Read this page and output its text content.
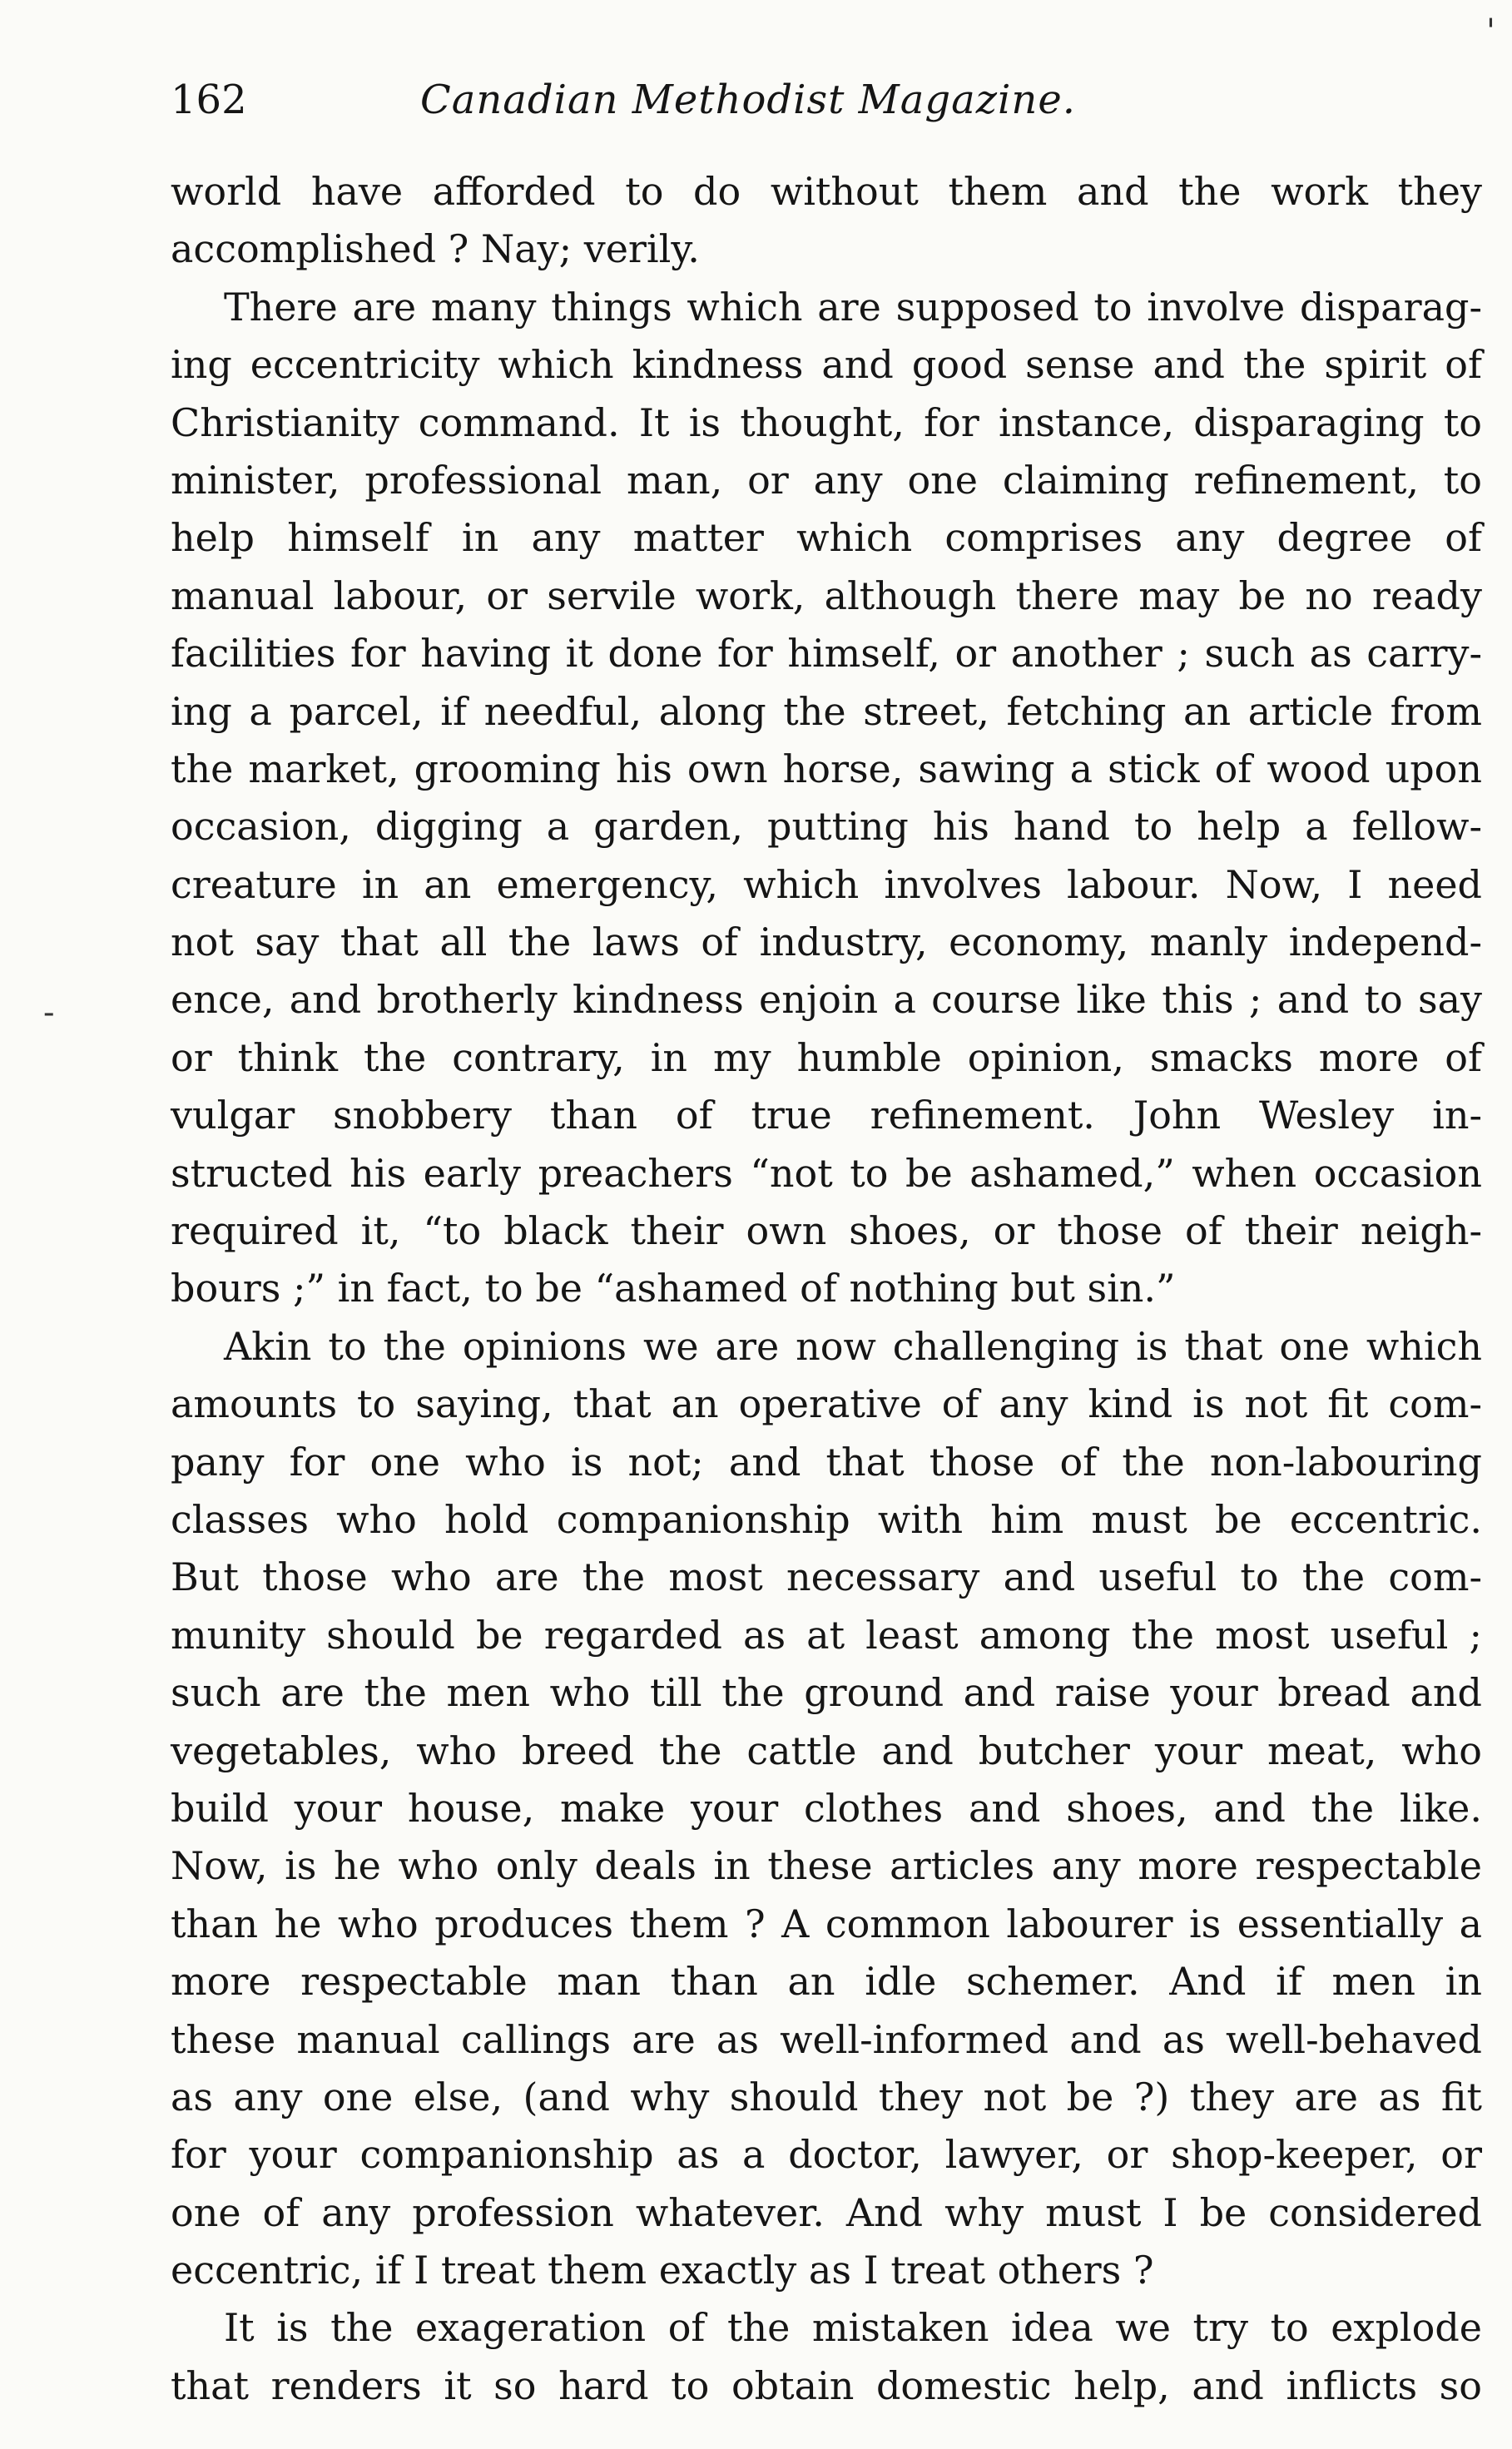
162	Canadian Methodist Magazine.
'
-
world have afforded to do without them and the work they
accomplished ? Nay; verily.
There are many things which are supposed to involve disparag-
ing eccentricity which kindness and good sense and the spirit of
Christianity command. It is thought, for instance, disparaging to
minister, professional man, or any one claiming refinement, to
help himself in any matter which comprises any degree of
manual labour, or servile work, although there may be no ready
facilities for having it done for himself, or another ; such as carry-
ing a parcel, if needful, along the street, fetching an article from
the market, grooming his own horse, sawing a stick of wood upon
occasion, digging a garden, putting his hand to help a fellow-
creature in an emergency, which involves labour. Now, I need
not say that all the laws of industry, economy, manly independ-
ence, and brotherly kindness enjoin a course like this ; and to say
or think the contrary, in my humble opinion, smacks more of
vulgar snobbery than of true refinement. John Wesley in-
structed his early preachers “not to be ashamed,” when occasion
required it, “to black their own shoes, or those of their neigh-
bours ;” in fact, to be “ashamed of nothing but sin.”
Akin to the opinions we are now challenging is that one which
amounts to saying, that an operative of any kind is not fit com-
pany for one who is not; and that those of the non-labouring
classes who hold companionship with him must be eccentric.
But those who are the most necessary and useful to the com-
munity should be regarded as at least among the most useful ;
such are the men who till the ground and raise your bread and
vegetables, who breed the cattle and butcher your meat, who
build your house, make your clothes and shoes, and the like.
Now, is he who only deals in these articles any more respectable
than he who produces them ? A common labourer is essentially a
more respectable man than an idle schemer. And if men in
these manual callings are as well-informed and as well-behaved
as any one else, (and why should they not be ?) they are as fit
for your companionship as a doctor, lawyer, or shop-keeper, or
one of any profession whatever. And why must I be considered
eccentric, if I treat them exactly as I treat others ?
It is the exageration of the mistaken idea we try to explode
that renders it so hard to obtain domestic help, and inflicts so
